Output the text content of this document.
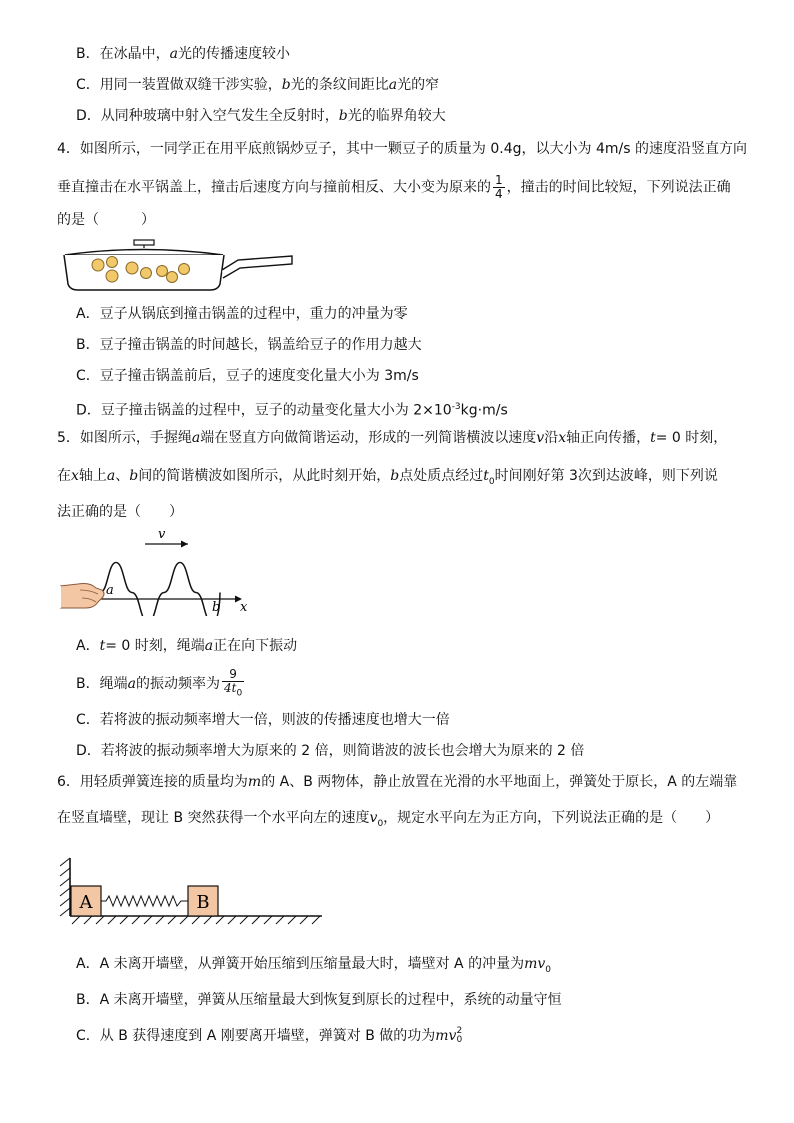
B．在冰晶中，a光的传播速度较小
C．用同一装置做双缝干涉实验，b光的条纹间距比a光的窄
D．从同种玻璃中射入空气发生全反射时，b光的临界角较大
4．如图所示，一同学正在用平底煎锅炒豆子，其中一颗豆子的质量为 0.4g，以大小为 4m/s 的速度沿竖直方向
垂直撞击在水平锅盖上，撞击后速度方向与撞前相反、大小变为原来的 $\frac{1}{4}$ ，撞击的时间比较短，下列说法正确
的是（　　　）
A．豆子从锅底到撞击锅盖的过程中，重力的冲量为零
B．豆子撞击锅盖的时间越长，锅盖给豆子的作用力越大
C．豆子撞击锅盖前后，豆子的速度变化量大小为 3m/s
D．豆子撞击锅盖的过程中，豆子的动量变化量大小为 $2\times 10^{-3}kg\cdot m/s$
5．如图所示，手握绳a端在竖直方向做简谐运动，形成的一列简谐横波以速度v沿x轴正向传播，t= 0 时刻，
在x轴上a、b间的简谐横波如图所示，从此时刻开始，b点处质点经过$t_0$时间刚好第 3次到达波峰，则下列说
法正确的是（　　）
v
a
b x
A．t= 0 时刻，绳端a正在向下振动
B．绳端a的振动频率为 $\frac{9}{4t_0}$
C．若将波的振动频率增大一倍，则波的传播速度也增大一倍
D．若将波的振动频率增大为原来的 2 倍，则简谐波的波长也会增大为原来的 2 倍
6．用轻质弹簧连接的质量均为m的 A、B 两物体，静止放置在光滑的水平地面上，弹簧处于原长，A 的左端靠
在竖直墙壁，现让 B 突然获得一个水平向左的速度$v_0$，规定水平向左为正方向，下列说法正确的是（　　）
A	B
A．A 未离开墙壁，从弹簧开始压缩到压缩量最大时，墙壁对 A 的冲量为$mv_0$
B．A 未离开墙壁，弹簧从压缩量最大到恢复到原长的过程中，系统的动量守恒
C．从 B 获得速度到 A 刚要离开墙壁，弹簧对 B 做的功为mv 2
0
